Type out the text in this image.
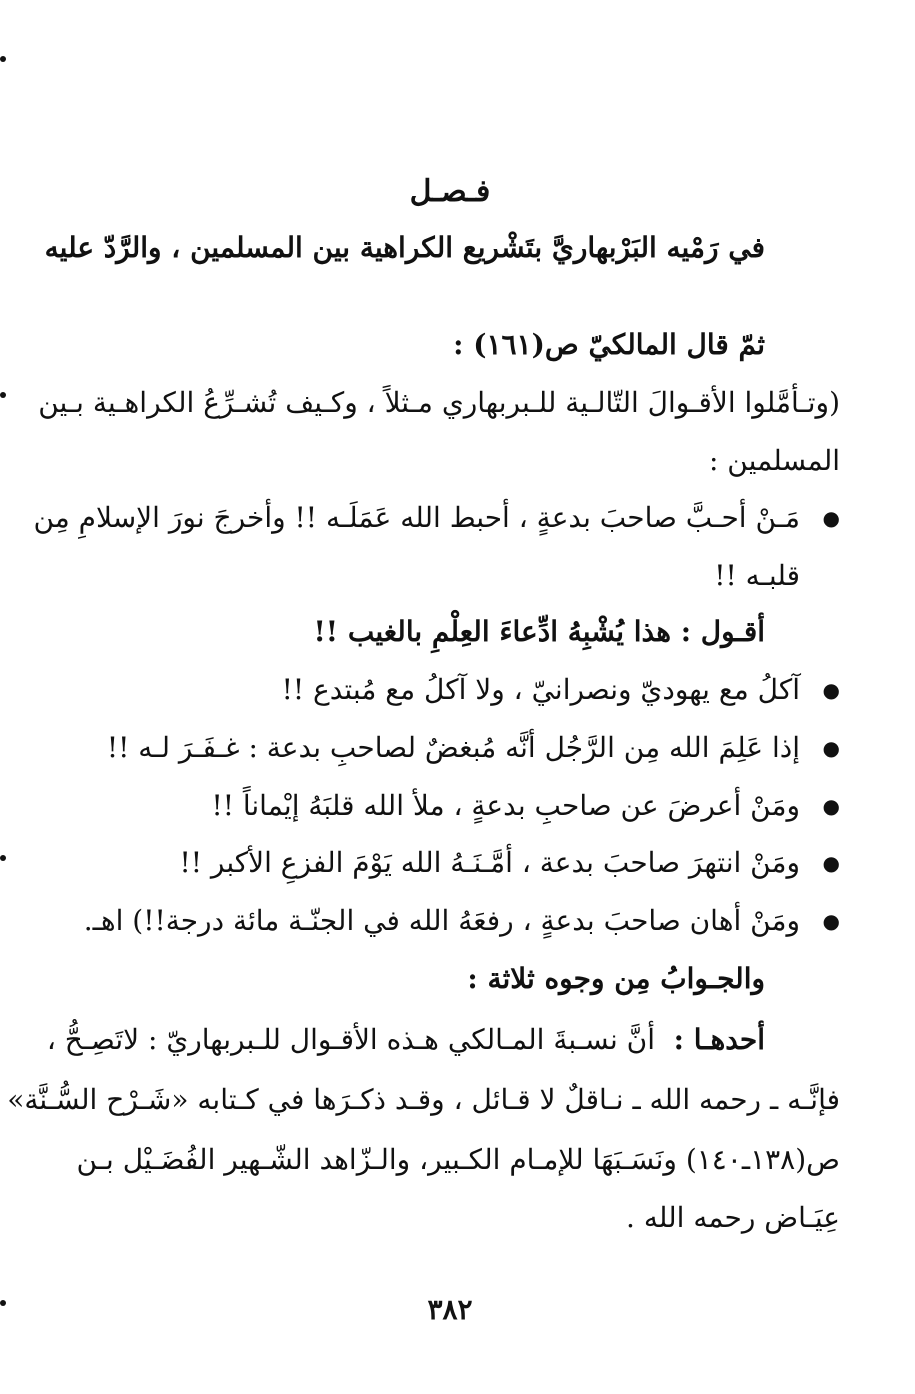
فـصـل
في رَمْيه البَرْبهاريَّ بتَشْريع الكراهية بين المسلمين ، والرَّدّ عليه
ثمّ قال المالكيّ ص(١٦١) :
(وتـأمَّلوا الأقـوالَ التّالـية للـبربهاري مـثلاً ، وكـيف تُشـرِّعُ الكراهـية بـين
المسلمين :
●
مَـنْ أحـبَّ صاحبَ بدعةٍ ، أحبط الله عَمَلَـه !! وأخرجَ نورَ الإسلامِ مِن
قلبـه !!
أقـول : هذا يُشْبِهُ ادِّعاءَ العِلْمِ بالغيب !!
●
آكلُ مع يهوديّ ونصرانيّ ، ولا آكلُ مع مُبتدع !!
●
إذا عَلِمَ الله مِن الرَّجُل أنَّه مُبغضٌ لصاحبِ بدعة : غـفَـرَ لـه !!
●
ومَنْ أعرضَ عن صاحبِ بدعةٍ ، ملأ الله قلبَهُ إيْماناً !!
●
ومَنْ انتهرَ صاحبَ بدعة ، أمَّـنَـهُ الله يَوْمَ الفزعِ الأكبر !!
●
ومَنْ أهان صاحبَ بدعةٍ ، رفعَهُ الله في الجنّـة مائة درجة!!) اهـ.
والجـوابُ مِن وجوه ثلاثة :
أحدهـا :
أنَّ نسـبةَ المـالكي هـذه الأقـوال للـبربهاريّ : لاتَصِـحُّ ،
فإنَّـه ـ رحمه الله ـ نـاقلٌ لا قـائل ، وقـد ذكـرَها في كـتابه «شَـرْح السُّـنَّة»
ص(١٣٨ـ١٤٠) ونَسَـبَهَا للإمـام الكـبير، والـزّاهد الشّـهير الفُضَـيْل بـن
عِيَـاض رحمه الله .
٣٨٢
